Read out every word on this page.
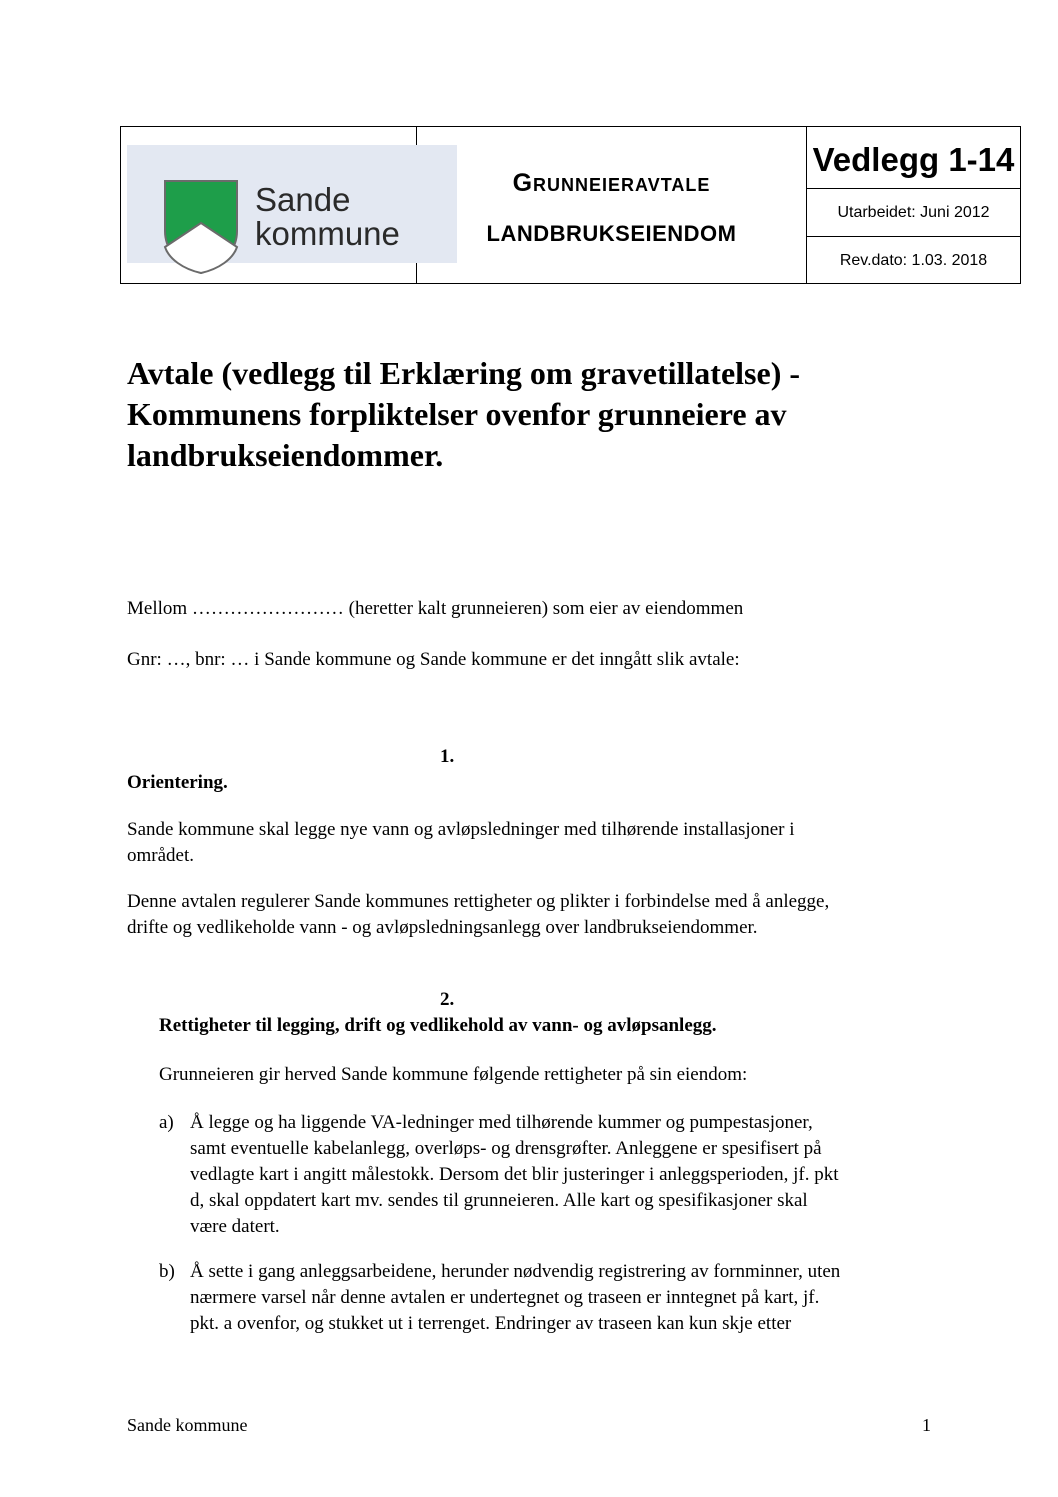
Sande
kommune
Grunneieravtale
LANDBRUKSEIENDOM
Vedlegg 1-14
Utarbeidet: Juni 2012
Rev.dato: 1.03. 2018
Avtale (vedlegg til Erklæring om gravetillatelse) -
Kommunens forpliktelser ovenfor grunneiere av
landbrukseiendommer.
Mellom …………………… (heretter kalt grunneieren) som eier av eiendommen
Gnr: …, bnr: … i Sande kommune og Sande kommune er det inngått slik avtale:
1.
Orientering.
Sande kommune skal legge nye vann og avløpsledninger med tilhørende installasjoner i
området.
Denne avtalen regulerer Sande kommunes rettigheter og plikter i forbindelse med å anlegge,
drifte og vedlikeholde vann - og avløpsledningsanlegg over landbrukseiendommer.
2.
Rettigheter til legging, drift og vedlikehold av vann- og avløpsanlegg.
Grunneieren gir herved Sande kommune følgende rettigheter på sin eiendom:
a) Å legge og ha liggende VA-ledninger med tilhørende kummer og pumpestasjoner,
samt eventuelle kabelanlegg, overløps- og drensgrøfter. Anleggene er spesifisert på
vedlagte kart i angitt målestokk. Dersom det blir justeringer i anleggsperioden, jf. pkt
d, skal oppdatert kart mv. sendes til grunneieren. Alle kart og spesifikasjoner skal
være datert.
b) Å sette i gang anleggsarbeidene, herunder nødvendig registrering av fornminner, uten
nærmere varsel når denne avtalen er undertegnet og traseen er inntegnet på kart, jf.
pkt. a ovenfor, og stukket ut i terrenget. Endringer av traseen kan kun skje etter
Sande kommune	1
